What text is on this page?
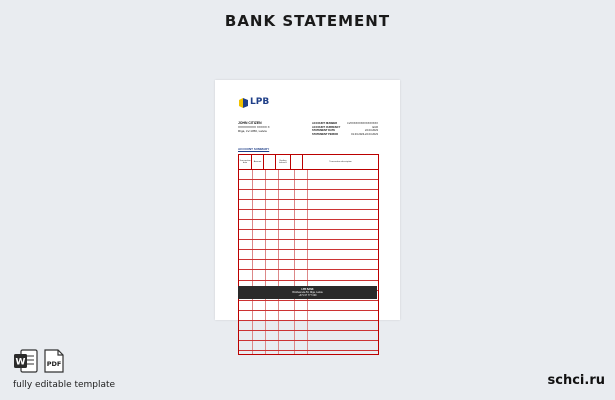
BANK STATEMENT
LPB
JOHN CITIZEN
XXXXXXXXX XXXXX X
Rīga, LV-1050, Latvia
ACCOUNT NUMBER	LVXXXXXXXXXXXXXXXX
ACCOUNT CURRENCY	EUR
STATEMENT DATE	22.03.2023
STATEMENT PERIOD	01.03.2023-22.03.2023
ACCOUNT SUMMARY
Transaction date	Amount	Ending balance	Transaction description
LPB BANK
Brivibas iela 54, Riga, Latvia
+371 67 777 000
W	PDF
fully editable template	schci.ru
